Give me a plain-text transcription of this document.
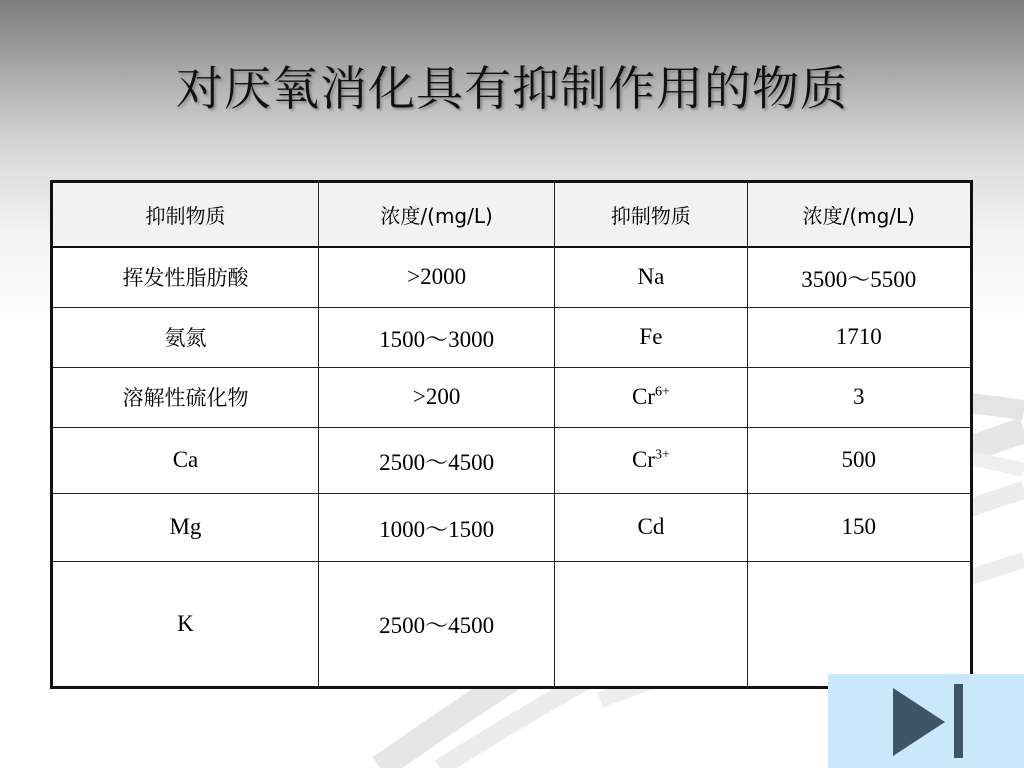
对厌氧消化具有抑制作用的物质
抑制物质	浓度/(mg/L)	抑制物质	浓度/(mg/L)
挥发性脂肪酸	>2000	Na	3500～5500
氨氮	1500～3000	Fe	1710
溶解性硫化物	>200	$Cr^{6+}$	3
Ca	2500～4500	$Cr^{3+}$	500
Mg	1000～1500	Cd	150
K	2500～4500		
